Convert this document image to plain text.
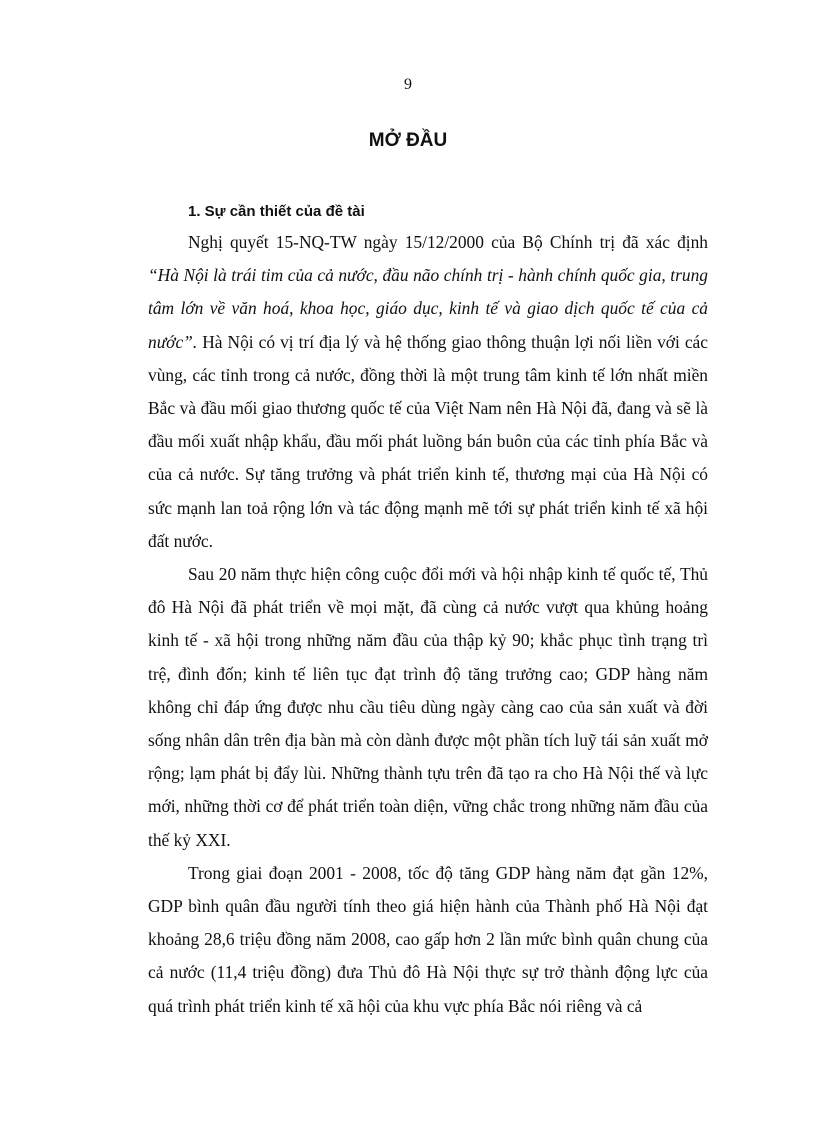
9
MỞ ĐẦU
1. Sự cần thiết của đề tài

Nghị quyết 15-NQ-TW ngày 15/12/2000 của Bộ Chính trị đã xác định “Hà Nội là trái tim của cả nước, đầu não chính trị - hành chính quốc gia, trung tâm lớn về văn hoá, khoa học, giáo dục, kinh tế và giao dịch quốc tế của cả nước”. Hà Nội có vị trí địa lý và hệ thống giao thông thuận lợi nối liền với các vùng, các tỉnh trong cả nước, đồng thời là một trung tâm kinh tế lớn nhất miền Bắc và đầu mối giao thương quốc tế của Việt Nam nên Hà Nội đã, đang và sẽ là đầu mối xuất nhập khẩu, đầu mối phát luồng bán buôn của các tỉnh phía Bắc và của cả nước. Sự tăng trưởng và phát triển kinh tế, thương mại của Hà Nội có sức mạnh lan toả rộng lớn và tác động mạnh mẽ tới sự phát triển kinh tế xã hội đất nước.

Sau 20 năm thực hiện công cuộc đổi mới và hội nhập kinh tế quốc tế, Thủ đô Hà Nội đã phát triển về mọi mặt, đã cùng cả nước vượt qua khủng hoảng kinh tế - xã hội trong những năm đầu của thập kỷ 90; khắc phục tình trạng trì trệ, đình đốn; kinh tế liên tục đạt trình độ tăng trưởng cao; GDP hàng năm không chỉ đáp ứng được nhu cầu tiêu dùng ngày càng cao của sản xuất và đời sống nhân dân trên địa bàn mà còn dành được một phần tích luỹ tái sản xuất mở rộng; lạm phát bị đẩy lùi. Những thành tựu trên đã tạo ra cho Hà Nội thế và lực mới, những thời cơ để phát triển toàn diện, vững chắc trong những năm đầu của thế kỷ XXI.

Trong giai đoạn 2001 - 2008, tốc độ tăng GDP hàng năm đạt gần 12%, GDP bình quân đầu người tính theo giá hiện hành của Thành phố Hà Nội đạt khoảng 28,6 triệu đồng năm 2008, cao gấp hơn 2 lần mức bình quân chung của cả nước (11,4 triệu đồng) đưa Thủ đô Hà Nội thực sự trở thành động lực của quá trình phát triển kinh tế xã hội của khu vực phía Bắc nói riêng và cả
